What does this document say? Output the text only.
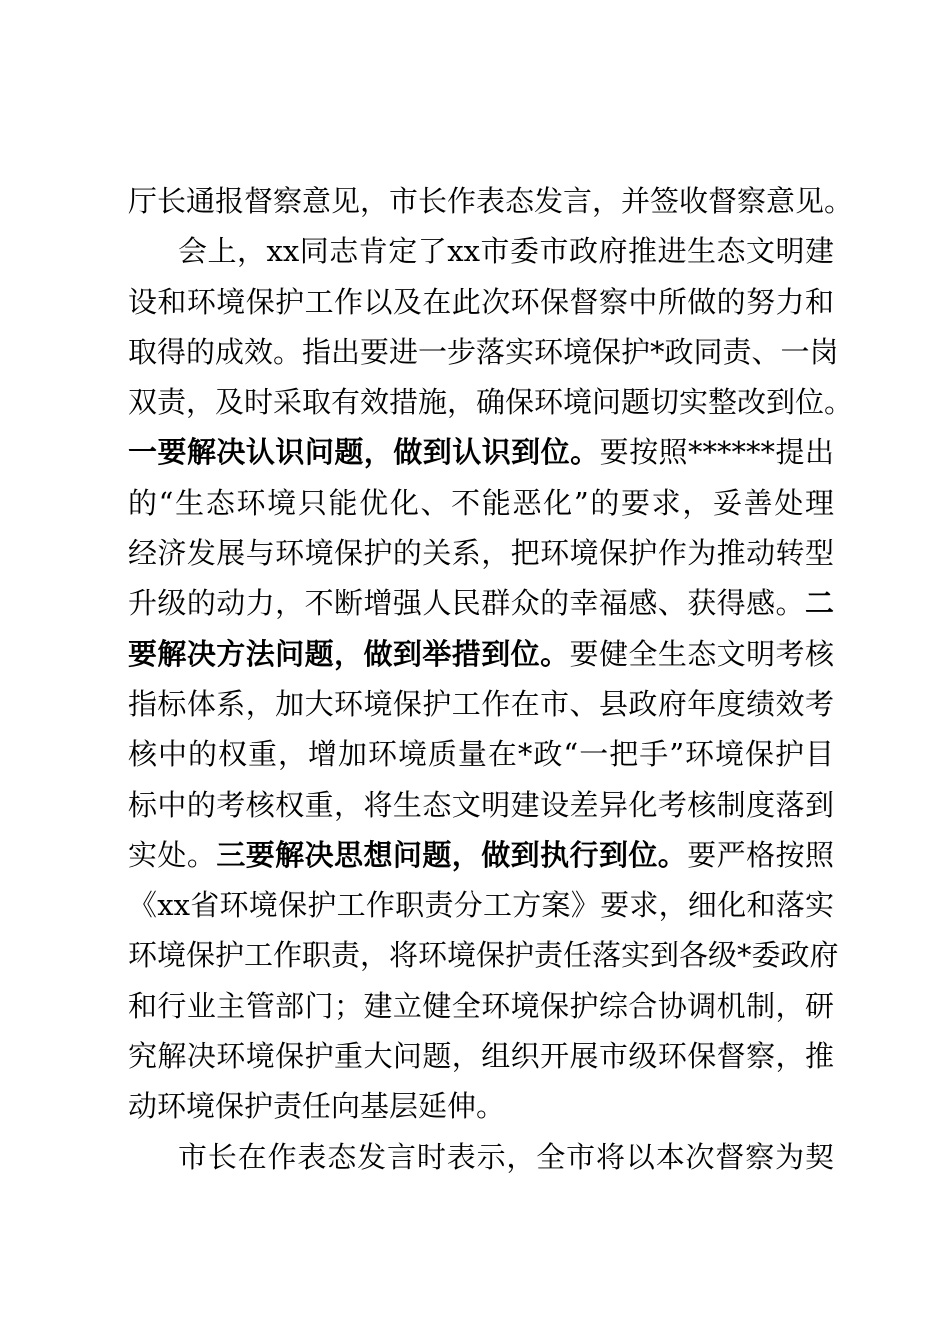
厅长通报督察意见，市长作表态发言，并签收督察意见。
会上，xx同志肯定了xx市委市政府推进生态文明建
设和环境保护工作以及在此次环保督察中所做的努力和
取得的成效。指出要进一步落实环境保护*政同责、一岗
双责，及时采取有效措施，确保环境问题切实整改到位。
一要解决认识问题，做到认识到位。要按照******提出
的“生态环境只能优化、不能恶化”的要求，妥善处理
经济发展与环境保护的关系，把环境保护作为推动转型
升级的动力，不断增强人民群众的幸福感、获得感。二
要解决方法问题，做到举措到位。要健全生态文明考核
指标体系，加大环境保护工作在市、县政府年度绩效考
核中的权重，增加环境质量在*政“一把手”环境保护目
标中的考核权重，将生态文明建设差异化考核制度落到
实处。三要解决思想问题，做到执行到位。要严格按照
《xx省环境保护工作职责分工方案》要求，细化和落实
环境保护工作职责，将环境保护责任落实到各级*委政府
和行业主管部门；建立健全环境保护综合协调机制，研
究解决环境保护重大问题，组织开展市级环保督察，推
动环境保护责任向基层延伸。
市长在作表态发言时表示，全市将以本次督察为契
